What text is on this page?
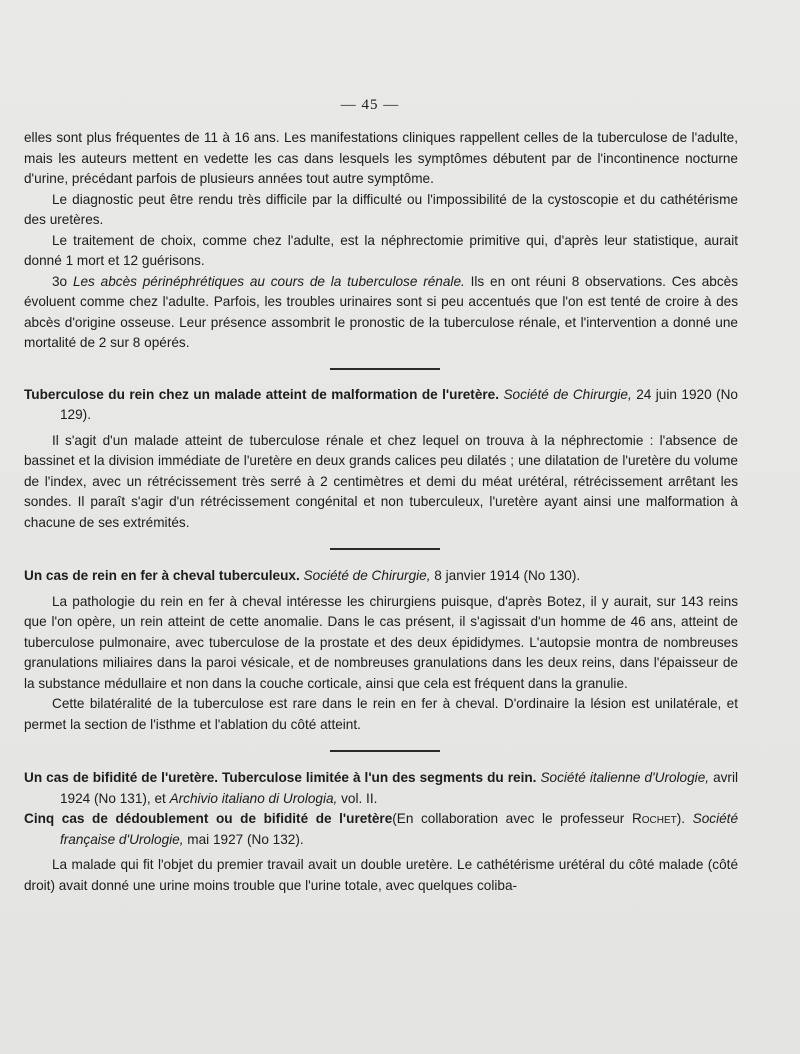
— 45 —

elles sont plus fréquentes de 11 à 16 ans. Les manifestations cliniques rappellent celles de la tuberculose de l'adulte, mais les auteurs mettent en vedette les cas dans lesquels les symptômes débutent par de l'incontinence nocturne d'urine, précédant parfois de plusieurs années tout autre symptôme.

Le diagnostic peut être rendu très difficile par la difficulté ou l'impossibilité de la cystoscopie et du cathétérisme des uretères.

Le traitement de choix, comme chez l'adulte, est la néphrectomie primitive qui, d'après leur statistique, aurait donné 1 mort et 12 guérisons.

3o Les abcès périnéphrétiques au cours de la tuberculose rénale. Ils en ont réuni 8 observations. Ces abcès évoluent comme chez l'adulte. Parfois, les troubles urinaires sont si peu accentués que l'on est tenté de croire à des abcès d'origine osseuse. Leur présence assombrit le pronostic de la tuberculose rénale, et l'intervention a donné une mortalité de 2 sur 8 opérés.

Tuberculose du rein chez un malade atteint de malformation de l'uretère. Société de Chirurgie, 24 juin 1920 (No 129).

Il s'agit d'un malade atteint de tuberculose rénale et chez lequel on trouva à la néphrectomie : l'absence de bassinet et la division immédiate de l'uretère en deux grands calices peu dilatés ; une dilatation de l'uretère du volume de l'index, avec un rétrécissement très serré à 2 centimètres et demi du méat urétéral, rétrécissement arrêtant les sondes. Il paraît s'agir d'un rétrécissement congénital et non tuberculeux, l'uretère ayant ainsi une malformation à chacune de ses extrémités.

Un cas de rein en fer à cheval tuberculeux. Société de Chirurgie, 8 janvier 1914 (No 130).

La pathologie du rein en fer à cheval intéresse les chirurgiens puisque, d'après Botez, il y aurait, sur 143 reins que l'on opère, un rein atteint de cette anomalie. Dans le cas présent, il s'agissait d'un homme de 46 ans, atteint de tuberculose pulmonaire, avec tuberculose de la prostate et des deux épididymes. L'autopsie montra de nombreuses granulations miliaires dans la paroi vésicale, et de nombreuses granulations dans les deux reins, dans l'épaisseur de la substance médullaire et non dans la couche corticale, ainsi que cela est fréquent dans la granulie.

Cette bilatéralité de la tuberculose est rare dans le rein en fer à cheval. D'ordinaire la lésion est unilatérale, et permet la section de l'isthme et l'ablation du côté atteint.

Un cas de bifidité de l'uretère. Tuberculose limitée à l'un des segments du rein. Société italienne d'Urologie, avril 1924 (No 131), et Archivio italiano di Urologia, vol. II.

Cinq cas de dédoublement ou de bifidité de l'uretère(En collaboration avec le professeur Rochet). Société française d'Urologie, mai 1927 (No 132).

La malade qui fit l'objet du premier travail avait un double uretère. Le cathétérisme urétéral du côté malade (côté droit) avait donné une urine moins trouble que l'urine totale, avec quelques coliba-
